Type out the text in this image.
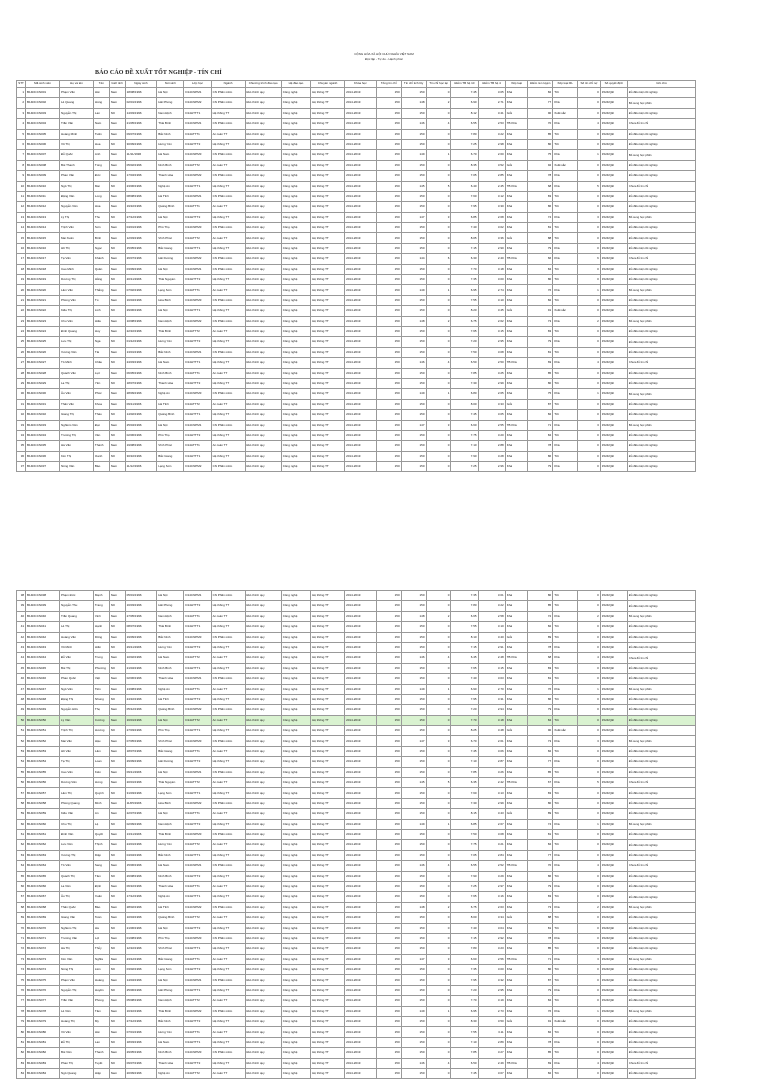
CỘNG HÒA XÃ HỘI CHỦ NGHĨA VIỆT NAM
Độc lập - Tự do - Hạnh phúc
BÁO CÁO ĐỀ XUẤT TỐT NGHIỆP - TÍN CHỈ
STT	Mã sinh viên	Họ và tên	Tên	Giới tính	Ngày sinh	Nơi sinh	Lớp học	Ngành	Chương trình đào tạo	Hệ đào tạo	Chuyên ngành	Khóa học	Tổng tín chỉ	Tín chỉ tích lũy	Tín chỉ học lại	Điểm TB hệ 10	Điểm TB hệ 4	Xếp loại	Điểm rèn luyện	Xếp loại RL	Số tín chỉ nợ	Số quyết định	Ghi chú
1	B14DCCN001	Phạm Văn	Hải	Nam	18/08/1996	Hà Nội	D14CNPM1	CN Phần mềm	ĐH chính quy	Công nghệ	Hệ thống TT	2014-2019	150	150	0	7.45	3.05	Khá	82	Tốt	0	1524/QĐ	Đủ điều kiện tốt nghiệp
2	B14DCCN002	Lê Quang	Hùng	Nam	02/01/1996	Hải Phòng	D14CNPM2	CN Phần mềm	ĐH chính quy	Công nghệ	Hệ thống TT	2014-2019	150	148	2	6.90	2.71	Khá	77	Khá	0	1524/QĐ	Bổ sung học phần
3	B14DCCN003	Nguyễn Thị	Lan	Nữ	14/03/1996	Nam Định	D14HTTT1	Hệ thống TT	ĐH chính quy	Công nghệ	Hệ thống TT	2014-2019	150	150	0	8.12	3.41	Giỏi	90	Xuất sắc	0	1524/QĐ	Đủ điều kiện tốt nghiệp
4	B14DCCN004	Trần Văn	Nam	Nam	21/05/1996	Thái Bình	D14CNPM1	CN Phần mềm	ĐH chính quy	Công nghệ	Hệ thống TT	2014-2019	150	146	4	6.55	2.53	TB Khá	70	Khá	4	1524/QĐ	Chưa đủ tín chỉ
5	B14DCCN005	Hoàng Minh	Tuấn	Nam	09/07/1996	Bắc Ninh	D14ATTT1	An toàn TT	ĐH chính quy	Công nghệ	Hệ thống TT	2014-2019	150	150	0	7.80	3.22	Khá	85	Tốt	0	1524/QĐ	Đủ điều kiện tốt nghiệp
6	B14DCCN006	Vũ Thị	Hoa	Nữ	30/09/1996	Hưng Yên	D14HTTT2	Hệ thống TT	ĐH chính quy	Công nghệ	Hệ thống TT	2014-2019	150	150	0	7.25	2.98	Khá	80	Tốt	0	1524/QĐ	Đủ điều kiện tốt nghiệp
7	B14DCCN007	Đỗ Quốc	Anh	Nam	11/11/1996	Hà Nam	D14CNPM3	CN Phần mềm	ĐH chính quy	Công nghệ	Hệ thống TT	2014-2019	150	149	1	6.70	2.60	Khá	75	Khá	1	1524/QĐ	Bổ sung học phần
8	B14DCCN008	Bùi Thanh	Tùng	Nam	05/02/1996	Ninh Bình	D14ATTT2	An toàn TT	ĐH chính quy	Công nghệ	Hệ thống TT	2014-2019	150	150	0	8.35	3.52	Giỏi	92	Xuất sắc	0	1524/QĐ	Đủ điều kiện tốt nghiệp
9	B14DCCN009	Phan Văn	Đức	Nam	17/04/1996	Thanh Hóa	D14CNPM2	CN Phần mềm	ĐH chính quy	Công nghệ	Hệ thống TT	2014-2019	150	150	0	7.05	2.85	Khá	78	Khá	0	1524/QĐ	Đủ điều kiện tốt nghiệp
10	B14DCCN010	Ngô Thị	Mai	Nữ	23/06/1996	Nghệ An	D14HTTT1	Hệ thống TT	ĐH chính quy	Công nghệ	Hệ thống TT	2014-2019	150	145	5	6.40	2.45	TB Khá	68	Khá	5	1524/QĐ	Chưa đủ tín chỉ
11	B14DCCN011	Đặng Văn	Long	Nam	08/08/1996	Hà Tĩnh	D14CNPM1	CN Phần mềm	ĐH chính quy	Công nghệ	Hệ thống TT	2014-2019	150	150	0	7.60	3.12	Khá	83	Tốt	0	1524/QĐ	Đủ điều kiện tốt nghiệp
12	B14DCCN012	Nguyễn Văn	Hòa	Nam	19/10/1996	Quảng Bình	D14ATTT1	An toàn TT	ĐH chính quy	Công nghệ	Hệ thống TT	2014-2019	150	150	0	7.95	3.30	Khá	86	Tốt	0	1524/QĐ	Đủ điều kiện tốt nghiệp
13	B14DCCN013	Lý Thị	Thu	Nữ	27/12/1996	Hà Nội	D14HTTT2	Hệ thống TT	ĐH chính quy	Công nghệ	Hệ thống TT	2014-2019	150	147	3	6.85	2.68	Khá	74	Khá	3	1524/QĐ	Bổ sung học phần
14	B14DCCN014	Trịnh Văn	Sơn	Nam	04/01/1996	Phú Thọ	D14CNPM3	CN Phần mềm	ĐH chính quy	Công nghệ	Hệ thống TT	2014-2019	150	150	0	7.40	3.02	Khá	81	Tốt	0	1524/QĐ	Đủ điều kiện tốt nghiệp
15	B14DCCN015	Mai Xuân	Bình	Nam	12/03/1996	Vĩnh Phúc	D14ATTT2	An toàn TT	ĐH chính quy	Công nghệ	Hệ thống TT	2014-2019	150	150	0	8.05	3.36	Giỏi	88	Tốt	0	1524/QĐ	Đủ điều kiện tốt nghiệp
16	B14DCCN016	Hồ Thị	Ngọc	Nữ	15/05/1996	Bắc Giang	D14HTTT1	Hệ thống TT	ĐH chính quy	Công nghệ	Hệ thống TT	2014-2019	150	150	0	7.15	2.90	Khá	79	Khá	0	1524/QĐ	Đủ điều kiện tốt nghiệp
17	B14DCCN017	Tạ Văn	Khánh	Nam	26/07/1996	Hải Dương	D14CNPM2	CN Phần mềm	ĐH chính quy	Công nghệ	Hệ thống TT	2014-2019	150	144	6	6.30	2.40	TB Khá	66	Khá	6	1524/QĐ	Chưa đủ tín chỉ
18	B14DCCN018	Cao Minh	Quân	Nam	03/09/1996	Hà Nội	D14CNPM1	CN Phần mềm	ĐH chính quy	Công nghệ	Hệ thống TT	2014-2019	150	150	0	7.70	3.18	Khá	84	Tốt	0	1524/QĐ	Đủ điều kiện tốt nghiệp
19	B14DCCN019	Dương Thị	Hằng	Nữ	20/11/1996	Thái Nguyên	D14HTTT2	Hệ thống TT	ĐH chính quy	Công nghệ	Hệ thống TT	2014-2019	150	150	0	7.35	3.00	Khá	80	Tốt	0	1524/QĐ	Đủ điều kiện tốt nghiệp
20	B14DCCN020	Lâm Văn	Thắng	Nam	07/02/1996	Lạng Sơn	D14ATTT1	An toàn TT	ĐH chính quy	Công nghệ	Hệ thống TT	2014-2019	150	149	1	6.95	2.74	Khá	76	Khá	1	1524/QĐ	Bổ sung học phần
21	B14DCCN021	Phùng Văn	Tú	Nam	16/04/1996	Hòa Bình	D14CNPM3	CN Phần mềm	ĐH chính quy	Công nghệ	Hệ thống TT	2014-2019	150	150	0	7.55	3.10	Khá	82	Tốt	0	1524/QĐ	Đủ điều kiện tốt nghiệp
22	B14DCCN022	Kiều Thị	Linh	Nữ	29/06/1996	Hà Nội	D14HTTT1	Hệ thống TT	ĐH chính quy	Công nghệ	Hệ thống TT	2014-2019	150	150	0	8.20	3.45	Giỏi	91	Xuất sắc	0	1524/QĐ	Đủ điều kiện tốt nghiệp
23	B14DCCN023	Chu Văn	Hiếu	Nam	10/08/1996	Nam Định	D14CNPM2	CN Phần mềm	ĐH chính quy	Công nghệ	Hệ thống TT	2014-2019	150	148	2	6.75	2.62	Khá	73	Khá	2	1524/QĐ	Bổ sung học phần
24	B14DCCN024	Đinh Quang	Huy	Nam	22/10/1996	Thái Bình	D14ATTT2	An toàn TT	ĐH chính quy	Công nghệ	Hệ thống TT	2014-2019	150	150	0	7.65	3.15	Khá	83	Tốt	0	1524/QĐ	Đủ điều kiện tốt nghiệp
25	B14DCCN025	Lưu Thị	Nga	Nữ	01/12/1996	Hưng Yên	D14HTTT2	Hệ thống TT	ĐH chính quy	Công nghệ	Hệ thống TT	2014-2019	150	150	0	7.20	2.95	Khá	79	Khá	0	1524/QĐ	Đủ điều kiện tốt nghiệp
26	B14DCCN026	Vương Văn	Tài	Nam	13/01/1996	Bắc Ninh	D14CNPM1	CN Phần mềm	ĐH chính quy	Công nghệ	Hệ thống TT	2014-2019	150	150	0	7.50	3.08	Khá	81	Tốt	0	1524/QĐ	Đủ điều kiện tốt nghiệp
27	B14DCCN027	Tô Minh	Châu	Nữ	24/03/1996	Hà Nam	D14HTTT1	Hệ thống TT	ĐH chính quy	Công nghệ	Hệ thống TT	2014-2019	150	146	4	6.50	2.50	TB Khá	69	Khá	4	1524/QĐ	Chưa đủ tín chỉ
28	B14DCCN028	Quách Văn	Lực	Nam	06/05/1996	Ninh Bình	D14ATTT1	An toàn TT	ĐH chính quy	Công nghệ	Hệ thống TT	2014-2019	150	150	0	7.85	3.25	Khá	85	Tốt	0	1524/QĐ	Đủ điều kiện tốt nghiệp
29	B14DCCN029	La Thị	Yến	Nữ	18/07/1996	Thanh Hóa	D14HTTT2	Hệ thống TT	ĐH chính quy	Công nghệ	Hệ thống TT	2014-2019	150	150	0	7.30	2.99	Khá	80	Tốt	0	1524/QĐ	Đủ điều kiện tốt nghiệp
30	B14DCCN030	Âu Văn	Phúc	Nam	28/09/1996	Nghệ An	D14CNPM3	CN Phần mềm	ĐH chính quy	Công nghệ	Hệ thống TT	2014-2019	150	149	1	6.80	2.65	Khá	75	Khá	1	1524/QĐ	Bổ sung học phần
31	B14DCCN031	Thân Văn	Khoa	Nam	09/11/1996	Hà Tĩnh	D14ATTT2	An toàn TT	ĐH chính quy	Công nghệ	Hệ thống TT	2014-2019	150	150	0	8.00	3.33	Giỏi	87	Tốt	0	1524/QĐ	Đủ điều kiện tốt nghiệp
32	B14DCCN032	Giang Thị	Thảo	Nữ	14/02/1996	Quảng Bình	D14HTTT1	Hệ thống TT	ĐH chính quy	Công nghệ	Hệ thống TT	2014-2019	150	150	0	7.45	3.05	Khá	82	Tốt	0	1524/QĐ	Đủ điều kiện tốt nghiệp
33	B14DCCN033	Nghiêm Văn	Đạt	Nam	25/04/1996	Hà Nội	D14CNPM1	CN Phần mềm	ĐH chính quy	Công nghệ	Hệ thống TT	2014-2019	150	147	3	6.60	2.55	TB Khá	71	Khá	3	1524/QĐ	Bổ sung học phần
34	B14DCCN034	Trương Thị	Vân	Nữ	02/06/1996	Phú Thọ	D14HTTT2	Hệ thống TT	ĐH chính quy	Công nghệ	Hệ thống TT	2014-2019	150	150	0	7.75	3.20	Khá	84	Tốt	0	1524/QĐ	Đủ điều kiện tốt nghiệp
35	B14DCCN035	Hà Văn	Thành	Nam	19/08/1996	Vĩnh Phúc	D14ATTT1	An toàn TT	ĐH chính quy	Công nghệ	Hệ thống TT	2014-2019	150	150	0	7.10	2.88	Khá	78	Khá	0	1524/QĐ	Đủ điều kiện tốt nghiệp
36	B14DCCN036	Kim Thị	Oanh	Nữ	30/10/1996	Bắc Giang	D14HTTT1	Hệ thống TT	ĐH chính quy	Công nghệ	Hệ thống TT	2014-2019	150	150	0	7.90	3.28	Khá	86	Tốt	0	1524/QĐ	Đủ điều kiện tốt nghiệp
37	B14DCCN037	Nông Văn	Bảo	Nam	11/12/1996	Lạng Sơn	D14CNPM2	CN Phần mềm	ĐH chính quy	Công nghệ	Hệ thống TT	2014-2019	150	150	0	7.25	2.96	Khá	79	Khá	0	1524/QĐ	Đủ điều kiện tốt nghiệp
38	B14DCCN038	Phạm Đức	Mạnh	Nam	05/01/1996	Hà Nội	D14CNPM1	CN Phần mềm	ĐH chính quy	Công nghệ	Hệ thống TT	2014-2019	150	150	0	7.35	3.01	Khá	80	Tốt	0	1524/QĐ	Đủ điều kiện tốt nghiệp
39	B14DCCN039	Nguyễn Thu	Trang	Nữ	16/03/1996	Hải Phòng	D14HTTT2	Hệ thống TT	ĐH chính quy	Công nghệ	Hệ thống TT	2014-2019	150	150	0	7.80	3.22	Khá	85	Tốt	0	1524/QĐ	Đủ điều kiện tốt nghiệp
40	B14DCCN040	Trần Quang	Vinh	Nam	27/05/1996	Nam Định	D14ATTT1	An toàn TT	ĐH chính quy	Công nghệ	Hệ thống TT	2014-2019	150	148	2	6.65	2.58	Khá	72	Khá	2	1524/QĐ	Bổ sung học phần
41	B14DCCN041	Lê Thị	Hạnh	Nữ	08/07/1996	Thái Bình	D14HTTT1	Hệ thống TT	ĐH chính quy	Công nghệ	Hệ thống TT	2014-2019	150	150	0	7.55	3.10	Khá	82	Tốt	0	1524/QĐ	Đủ điều kiện tốt nghiệp
42	B14DCCN042	Hoàng Văn	Dũng	Nam	19/09/1996	Bắc Ninh	D14CNPM3	CN Phần mềm	ĐH chính quy	Công nghệ	Hệ thống TT	2014-2019	150	150	0	8.10	3.40	Giỏi	89	Tốt	0	1524/QĐ	Đủ điều kiện tốt nghiệp
43	B14DCCN043	Vũ Minh	Hiền	Nữ	29/11/1996	Hưng Yên	D14HTTT2	Hệ thống TT	ĐH chính quy	Công nghệ	Hệ thống TT	2014-2019	150	150	0	7.15	2.91	Khá	78	Khá	0	1524/QĐ	Đủ điều kiện tốt nghiệp
44	B14DCCN044	Đỗ Văn	Trung	Nam	10/02/1996	Hà Nam	D14ATTT2	An toàn TT	ĐH chính quy	Công nghệ	Hệ thống TT	2014-2019	150	146	4	6.45	2.48	TB Khá	68	Khá	4	1524/QĐ	Chưa đủ tín chỉ
45	B14DCCN045	Bùi Thị	Phương	Nữ	21/04/1996	Ninh Bình	D14HTTT1	Hệ thống TT	ĐH chính quy	Công nghệ	Hệ thống TT	2014-2019	150	150	0	7.65	3.15	Khá	83	Tốt	0	1524/QĐ	Đủ điều kiện tốt nghiệp
46	B14DCCN046	Phan Quốc	Việt	Nam	02/06/1996	Thanh Hóa	D14CNPM1	CN Phần mềm	ĐH chính quy	Công nghệ	Hệ thống TT	2014-2019	150	150	0	7.40	3.03	Khá	81	Tốt	0	1524/QĐ	Đủ điều kiện tốt nghiệp
47	B14DCCN047	Ngô Văn	Tiến	Nam	13/08/1996	Nghệ An	D14ATTT1	An toàn TT	ĐH chính quy	Công nghệ	Hệ thống TT	2014-2019	150	149	1	6.90	2.70	Khá	76	Khá	1	1524/QĐ	Bổ sung học phần
48	B14DCCN048	Đặng Thị	Nhung	Nữ	24/10/1996	Hà Tĩnh	D14HTTT2	Hệ thống TT	ĐH chính quy	Công nghệ	Hệ thống TT	2014-2019	150	150	0	7.95	3.31	Khá	86	Tốt	0	1524/QĐ	Đủ điều kiện tốt nghiệp
49	B14DCCN049	Nguyễn Hữu	Thọ	Nam	05/12/1996	Quảng Bình	D14CNPM2	CN Phần mềm	ĐH chính quy	Công nghệ	Hệ thống TT	2014-2019	150	150	0	7.20	2.94	Khá	79	Khá	0	1524/QĐ	Đủ điều kiện tốt nghiệp
50	B14DCCN050	Lý Văn	Cường	Nam	16/01/1996	Hà Nội	D14ATTT2	An toàn TT	ĐH chính quy	Công nghệ	Hệ thống TT	2014-2019	150	150	0	7.70	3.18	Khá	84	Tốt	0	1524/QĐ	Đủ điều kiện tốt nghiệp
51	B14DCCN051	Trịnh Thị	Hương	Nữ	27/03/1996	Phú Thọ	D14HTTT1	Hệ thống TT	ĐH chính quy	Công nghệ	Hệ thống TT	2014-2019	150	150	0	8.25	3.48	Giỏi	90	Xuất sắc	0	1524/QĐ	Đủ điều kiện tốt nghiệp
52	B14DCCN052	Mai Văn	Hậu	Nam	07/05/1996	Vĩnh Phúc	D14CNPM3	CN Phần mềm	ĐH chính quy	Công nghệ	Hệ thống TT	2014-2019	150	147	3	6.70	2.61	Khá	73	Khá	3	1524/QĐ	Bổ sung học phần
53	B14DCCN053	Hồ Văn	Lâm	Nam	18/07/1996	Bắc Giang	D14ATTT1	An toàn TT	ĐH chính quy	Công nghệ	Hệ thống TT	2014-2019	150	150	0	7.45	3.06	Khá	82	Tốt	0	1524/QĐ	Đủ điều kiện tốt nghiệp
54	B14DCCN054	Tạ Thị	Loan	Nữ	29/09/1996	Hải Dương	D14HTTT2	Hệ thống TT	ĐH chính quy	Công nghệ	Hệ thống TT	2014-2019	150	150	0	7.10	2.87	Khá	77	Khá	0	1524/QĐ	Đủ điều kiện tốt nghiệp
55	B14DCCN055	Cao Văn	Kiên	Nam	09/11/1996	Hà Nội	D14CNPM1	CN Phần mềm	ĐH chính quy	Công nghệ	Hệ thống TT	2014-2019	150	150	0	7.85	3.26	Khá	85	Tốt	0	1524/QĐ	Đủ điều kiện tốt nghiệp
56	B14DCCN056	Dương Văn	Hưng	Nam	20/01/1996	Thái Nguyên	D14ATTT2	An toàn TT	ĐH chính quy	Công nghệ	Hệ thống TT	2014-2019	150	145	5	6.35	2.42	TB Khá	67	Khá	5	1524/QĐ	Chưa đủ tín chỉ
57	B14DCCN057	Lâm Thị	Quỳnh	Nữ	31/03/1996	Lạng Sơn	D14HTTT1	Hệ thống TT	ĐH chính quy	Công nghệ	Hệ thống TT	2014-2019	150	150	0	7.60	3.13	Khá	83	Tốt	0	1524/QĐ	Đủ điều kiện tốt nghiệp
58	B14DCCN058	Phùng Quang	Minh	Nam	11/05/1996	Hòa Bình	D14CNPM2	CN Phần mềm	ĐH chính quy	Công nghệ	Hệ thống TT	2014-2019	150	150	0	7.30	2.99	Khá	80	Tốt	0	1524/QĐ	Đủ điều kiện tốt nghiệp
59	B14DCCN059	Kiều Văn	An	Nam	22/07/1996	Hà Nội	D14ATTT1	An toàn TT	ĐH chính quy	Công nghệ	Hệ thống TT	2014-2019	150	150	0	8.15	3.43	Giỏi	89	Tốt	0	1524/QĐ	Đủ điều kiện tốt nghiệp
60	B14DCCN060	Chu Thị	Lệ	Nữ	02/09/1996	Nam Định	D14HTTT2	Hệ thống TT	ĐH chính quy	Công nghệ	Hệ thống TT	2014-2019	150	149	1	6.85	2.67	Khá	74	Khá	1	1524/QĐ	Bổ sung học phần
61	B14DCCN061	Đinh Văn	Quyết	Nam	13/11/1996	Thái Bình	D14CNPM3	CN Phần mềm	ĐH chính quy	Công nghệ	Hệ thống TT	2014-2019	150	150	0	7.50	3.08	Khá	81	Tốt	0	1524/QĐ	Đủ điều kiện tốt nghiệp
62	B14DCCN062	Lưu Văn	Thịnh	Nam	24/01/1996	Hưng Yên	D14ATTT2	An toàn TT	ĐH chính quy	Công nghệ	Hệ thống TT	2014-2019	150	150	0	7.75	3.21	Khá	84	Tốt	0	1524/QĐ	Đủ điều kiện tốt nghiệp
63	B14DCCN063	Vương Thị	Diệp	Nữ	04/04/1996	Bắc Ninh	D14HTTT1	Hệ thống TT	ĐH chính quy	Công nghệ	Hệ thống TT	2014-2019	150	150	0	7.05	2.84	Khá	77	Khá	0	1524/QĐ	Đủ điều kiện tốt nghiệp
64	B14DCCN064	Tô Văn	Sang	Nam	15/06/1996	Hà Nam	D14CNPM1	CN Phần mềm	ĐH chính quy	Công nghệ	Hệ thống TT	2014-2019	150	146	4	6.55	2.52	TB Khá	70	Khá	4	1524/QĐ	Chưa đủ tín chỉ
65	B14DCCN065	Quách Thị	Tâm	Nữ	26/08/1996	Ninh Bình	D14HTTT2	Hệ thống TT	ĐH chính quy	Công nghệ	Hệ thống TT	2014-2019	150	150	0	7.90	3.29	Khá	86	Tốt	0	1524/QĐ	Đủ điều kiện tốt nghiệp
66	B14DCCN066	La Văn	Định	Nam	06/10/1996	Thanh Hóa	D14ATTT1	An toàn TT	ĐH chính quy	Công nghệ	Hệ thống TT	2014-2019	150	150	0	7.25	2.97	Khá	79	Khá	0	1524/QĐ	Đủ điều kiện tốt nghiệp
67	B14DCCN067	Âu Thị	Xuân	Nữ	17/12/1996	Nghệ An	D14HTTT1	Hệ thống TT	ĐH chính quy	Công nghệ	Hệ thống TT	2014-2019	150	150	0	7.65	3.16	Khá	83	Tốt	0	1524/QĐ	Đủ điều kiện tốt nghiệp
68	B14DCCN068	Thân Quốc	Bảo	Nam	28/02/1996	Hà Tĩnh	D14CNPM2	CN Phần mềm	ĐH chính quy	Công nghệ	Hệ thống TT	2014-2019	150	148	2	6.75	2.63	Khá	73	Khá	2	1524/QĐ	Bổ sung học phần
69	B14DCCN069	Giang Văn	Toàn	Nam	10/04/1996	Quảng Bình	D14ATTT2	An toàn TT	ĐH chính quy	Công nghệ	Hệ thống TT	2014-2019	150	150	0	8.00	3.34	Giỏi	88	Tốt	0	1524/QĐ	Đủ điều kiện tốt nghiệp
70	B14DCCN070	Nghiêm Thị	Hà	Nữ	21/06/1996	Hà Nội	D14HTTT2	Hệ thống TT	ĐH chính quy	Công nghệ	Hệ thống TT	2014-2019	150	150	0	7.40	3.04	Khá	81	Tốt	0	1524/QĐ	Đủ điều kiện tốt nghiệp
71	B14DCCN071	Trương Văn	Lợi	Nam	01/08/1996	Phú Thọ	D14CNPM3	CN Phần mềm	ĐH chính quy	Công nghệ	Hệ thống TT	2014-2019	150	150	0	7.15	2.92	Khá	78	Khá	0	1524/QĐ	Đủ điều kiện tốt nghiệp
72	B14DCCN072	Hà Thị	Thủy	Nữ	12/10/1996	Vĩnh Phúc	D14HTTT1	Hệ thống TT	ĐH chính quy	Công nghệ	Hệ thống TT	2014-2019	150	150	0	7.80	3.23	Khá	85	Tốt	0	1524/QĐ	Đủ điều kiện tốt nghiệp
73	B14DCCN073	Kim Văn	Nghĩa	Nam	23/12/1996	Bắc Giang	D14ATTT1	An toàn TT	ĐH chính quy	Công nghệ	Hệ thống TT	2014-2019	150	147	3	6.60	2.56	TB Khá	71	Khá	3	1524/QĐ	Bổ sung học phần
74	B14DCCN074	Nông Thị	Liên	Nữ	03/02/1996	Lạng Sơn	D14HTTT2	Hệ thống TT	ĐH chính quy	Công nghệ	Hệ thống TT	2014-2019	150	150	0	7.35	3.00	Khá	80	Tốt	0	1524/QĐ	Đủ điều kiện tốt nghiệp
75	B14DCCN075	Phạm Văn	Hoàng	Nam	14/04/1996	Hà Nội	D14CNPM1	CN Phần mềm	ĐH chính quy	Công nghệ	Hệ thống TT	2014-2019	150	150	0	7.95	3.32	Khá	87	Tốt	0	1524/QĐ	Đủ điều kiện tốt nghiệp
76	B14DCCN076	Nguyễn Thị	Huyền	Nữ	25/06/1996	Hải Phòng	D14HTTT1	Hệ thống TT	ĐH chính quy	Công nghệ	Hệ thống TT	2014-2019	150	150	0	7.20	2.95	Khá	79	Khá	0	1524/QĐ	Đủ điều kiện tốt nghiệp
77	B14DCCN077	Trần Văn	Phong	Nam	05/08/1996	Nam Định	D14ATTT2	An toàn TT	ĐH chính quy	Công nghệ	Hệ thống TT	2014-2019	150	150	0	7.70	3.19	Khá	84	Tốt	0	1524/QĐ	Đủ điều kiện tốt nghiệp
78	B14DCCN078	Lê Văn	Tâm	Nam	16/10/1996	Thái Bình	D14CNPM2	CN Phần mềm	ĐH chính quy	Công nghệ	Hệ thống TT	2014-2019	150	149	1	6.95	2.73	Khá	76	Khá	1	1524/QĐ	Bổ sung học phần
79	B14DCCN079	Hoàng Thị	My	Nữ	27/12/1996	Bắc Ninh	D14HTTT2	Hệ thống TT	ĐH chính quy	Công nghệ	Hệ thống TT	2014-2019	150	150	0	8.30	3.50	Giỏi	91	Xuất sắc	0	1524/QĐ	Đủ điều kiện tốt nghiệp
80	B14DCCN080	Vũ Văn	Hải	Nam	07/01/1996	Hưng Yên	D14ATTT1	An toàn TT	ĐH chính quy	Công nghệ	Hệ thống TT	2014-2019	150	150	0	7.55	3.11	Khá	82	Tốt	0	1524/QĐ	Đủ điều kiện tốt nghiệp
81	B14DCCN081	Đỗ Thị	Lan	Nữ	18/03/1996	Hà Nam	D14HTTT1	Hệ thống TT	ĐH chính quy	Công nghệ	Hệ thống TT	2014-2019	150	150	0	7.10	2.89	Khá	78	Khá	0	1524/QĐ	Đủ điều kiện tốt nghiệp
82	B14DCCN082	Bùi Văn	Thanh	Nam	29/05/1996	Ninh Bình	D14CNPM3	CN Phần mềm	ĐH chính quy	Công nghệ	Hệ thống TT	2014-2019	150	150	0	7.85	3.27	Khá	85	Tốt	0	1524/QĐ	Đủ điều kiện tốt nghiệp
83	B14DCCN083	Phan Thị	Tuyết	Nữ	09/07/1996	Thanh Hóa	D14HTTT2	Hệ thống TT	ĐH chính quy	Công nghệ	Hệ thống TT	2014-2019	150	146	4	6.50	2.49	TB Khá	69	Khá	4	1524/QĐ	Chưa đủ tín chỉ
84	B14DCCN084	Ngô Quang	Hiệp	Nam	20/09/1996	Nghệ An	D14ATTT2	An toàn TT	ĐH chính quy	Công nghệ	Hệ thống TT	2014-2019	150	150	0	7.45	3.07	Khá	82	Tốt	0	1524/QĐ	Đủ điều kiện tốt nghiệp
